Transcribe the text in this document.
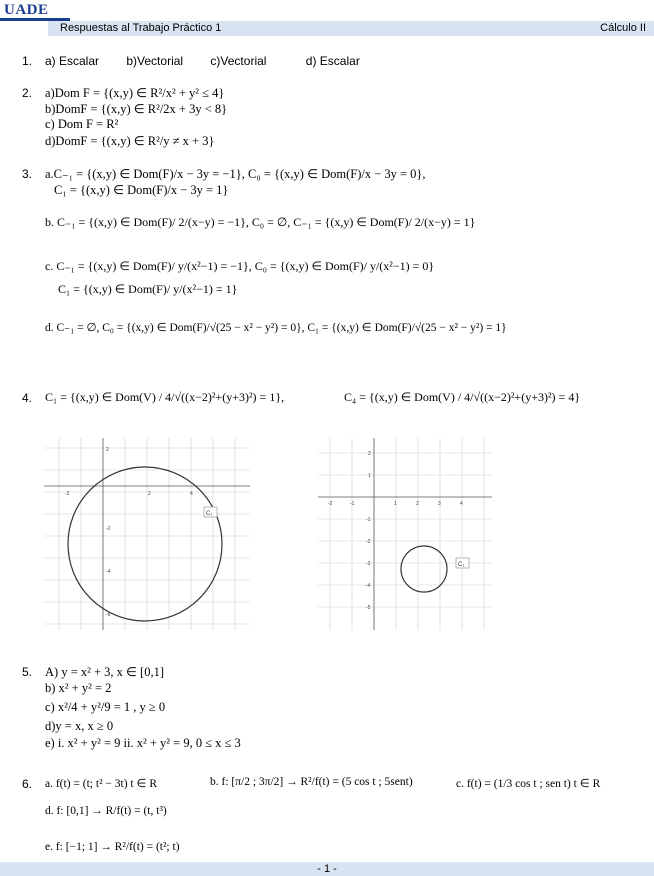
UADE
Respuestas al Trabajo Práctico 1	Cálculo II
1. a) Escalar b)Vectorial c)Vectorial	d) Escalar
2. a)Dom F = {(x,y) ∈ R²/x² + y² ≤ 4}
b)DomF = {(x,y) ∈ R²/2x + 3y < 8}
c) Dom F = R²
d)DomF = {(x,y) ∈ R²/y ≠ x + 3}
3. a.C₋₁ = {(x,y) ∈ Dom(F)/x − 3y = −1}, C₀ = {(x,y) ∈ Dom(F)/x − 3y = 0},
C₁ = {(x,y) ∈ Dom(F)/x − 3y = 1}
b. C₋₁ = {(x,y) ∈ Dom(F)/ 2/(x−y) = −1}, C₀ = ∅, C₋₁ = {(x,y) ∈ Dom(F)/ 2/(x−y) = 1}
c. C₋₁ = {(x,y) ∈ Dom(F)/ y/(x²−1) = −1}, C₀ = {(x,y) ∈ Dom(F)/ y/(x²−1) = 0}
C₁ = {(x,y) ∈ Dom(F)/ y/(x²−1) = 1}
d. C₋₁ = ∅, C₀ = {(x,y) ∈ Dom(F)/√(25 − x² − y²) = 0}, C₁ = {(x,y) ∈ Dom(F)/√(25 − x² − y²) = 1}
4. C₁ = {(x,y) ∈ Dom(V) / 4/√((x−2)²+(y+3)²) = 1},	C₄ = {(x,y) ∈ Dom(V) / 4/√((x−2)²+(y+3)²) = 4}
-2	2	4
2
-2
-4
-6
C₁
-2	-1	1	2	3	4
2
1
-1
-2
-3
-4
-5
C₁
5. A) y = x² + 3, x ∈ [0,1]
b) x² + y² = 2
c) x²/4 + y²/9 = 1 , y ≥ 0
d)y = x, x ≥ 0
e) i. x² + y² = 9 ii. x² + y² = 9, 0 ≤ x ≤ 3
6. a. f(t) = (t; t² − 3t) t ∈ R	b. f: [π/2 ; 3π/2] → R²/f(t) = (5 cos t ; 5sent)	c. f(t) = (1/3 cos t ; sen t) t ∈ R
d. f: [0,1] → R/f(t) = (t, t³)
e. f: [−1; 1] → R²/f(t) = (t²; t)
- 1 -
